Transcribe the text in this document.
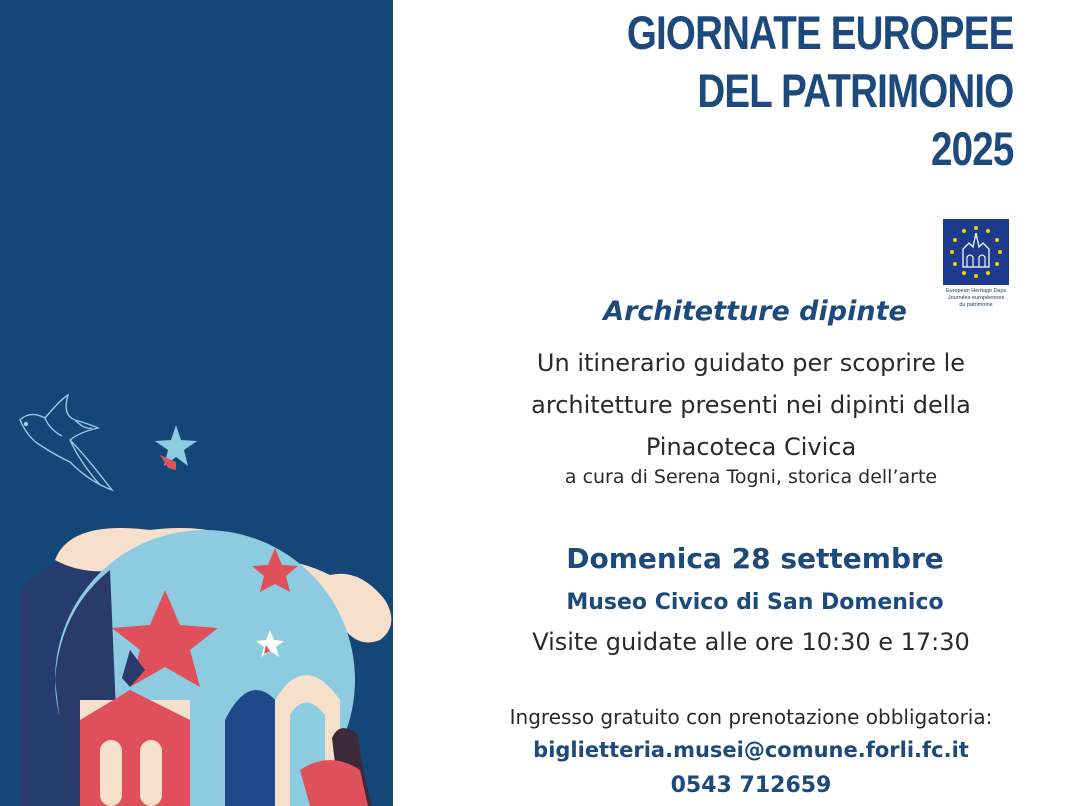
GIORNATE EUROPEE
DEL PATRIMONIO
2025
European Heritage Days
Journées européennes
du patrimoine
Architetture dipinte
Un itinerario guidato per scoprire le
architetture presenti nei dipinti della
Pinacoteca Civica
a cura di Serena Togni, storica dell’arte
Domenica 28 settembre
Museo Civico di San Domenico
Visite guidate alle ore 10:30 e 17:30
Ingresso gratuito con prenotazione obbligatoria:
biglietteria.musei@comune.forli.fc.it
0543 712659
